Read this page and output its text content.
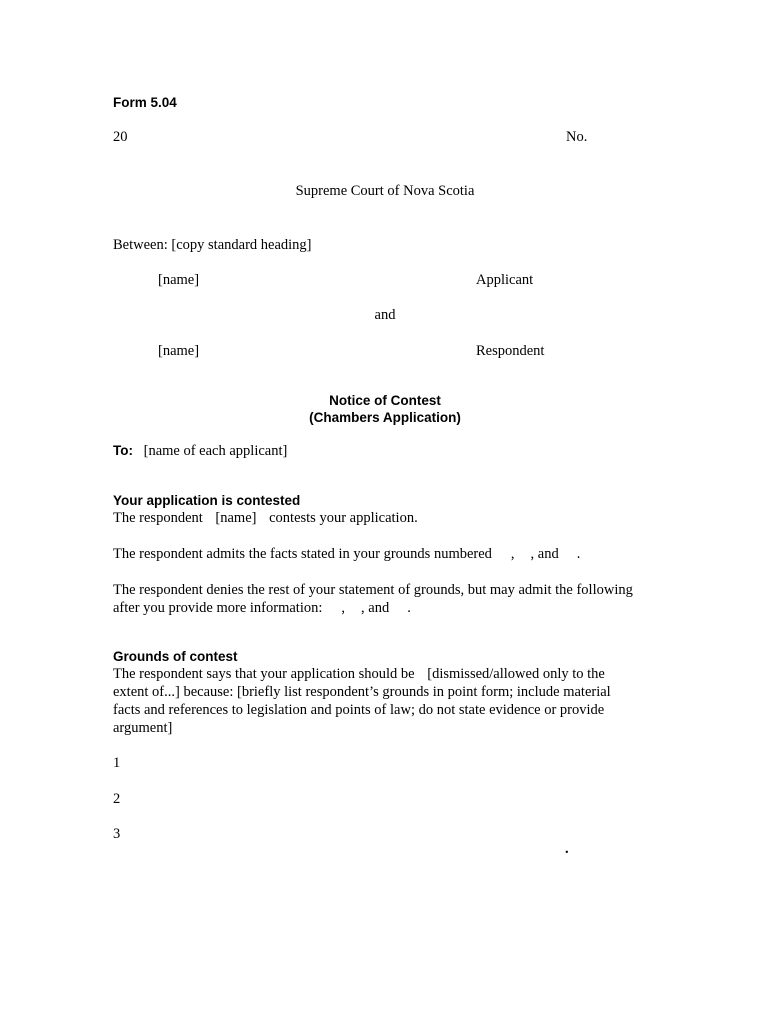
Form 5.04
20	No.
Supreme Court of Nova Scotia
Between: [copy standard heading]
[name]	Applicant
and
[name]	Respondent
Notice of Contest
(Chambers Application)
To: [name of each applicant]
Your application is contested
The respondent [name] contests your application.
The respondent admits the facts stated in your grounds numbered , , and .
The respondent denies the rest of your statement of grounds, but may admit the following
after you provide more information: , , and .
Grounds of contest
The respondent says that your application should be [dismissed/allowed only to the
extent of...] because: [briefly list respondent’s grounds in point form; include material
facts and references to legislation and points of law; do not state evidence or provide
argument]
1
2
3
.
